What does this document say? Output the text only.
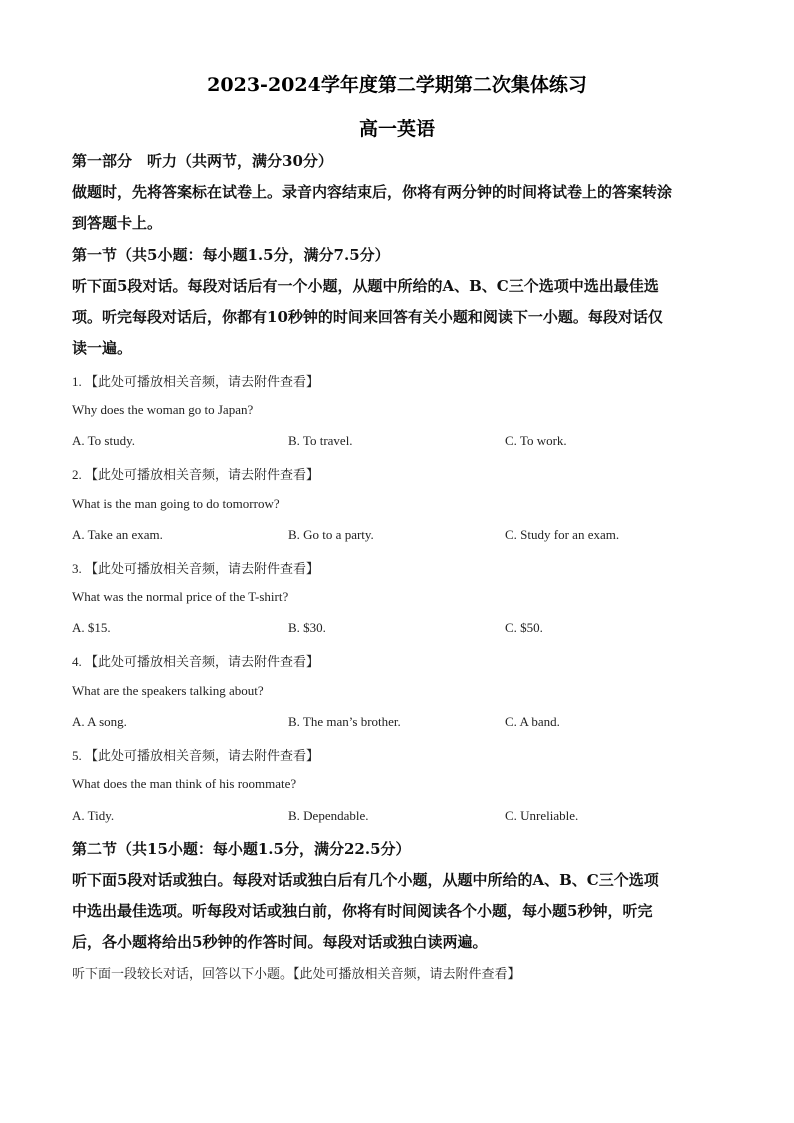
2023-2024学年度第二学期第二次集体练习
高一英语
第一部分　听力（共两节，满分30分）
做题时，先将答案标在试卷上。录音内容结束后，你将有两分钟的时间将试卷上的答案转涂
到答题卡上。
第一节（共5小题：每小题1.5分，满分7.5分）
听下面5段对话。每段对话后有一个小题，从题中所给的A、B、C三个选项中选出最佳选
项。听完每段对话后，你都有10秒钟的时间来回答有关小题和阅读下一小题。每段对话仅
读一遍。
1. 【此处可播放相关音频，请去附件查看】
Why does the woman go to Japan?
A. To study.	B. To travel.	C. To work.
2. 【此处可播放相关音频，请去附件查看】
What is the man going to do tomorrow?
A. Take an exam.	B. Go to a party.	C. Study for an exam.
3. 【此处可播放相关音频，请去附件查看】
What was the normal price of the T-shirt?
A. $15.	B. $30.	C. $50.
4. 【此处可播放相关音频，请去附件查看】
What are the speakers talking about?
A. A song.	B. The man’s brother.	C. A band.
5. 【此处可播放相关音频，请去附件查看】
What does the man think of his roommate?
A. Tidy.	B. Dependable.	C. Unreliable.
第二节（共15小题：每小题1.5分，满分22.5分）
听下面5段对话或独白。每段对话或独白后有几个小题，从题中所给的A、B、C三个选项
中选出最佳选项。听每段对话或独白前，你将有时间阅读各个小题，每小题5秒钟，听完
后，各小题将给出5秒钟的作答时间。每段对话或独白读两遍。
听下面一段较长对话，回答以下小题。【此处可播放相关音频，请去附件查看】
